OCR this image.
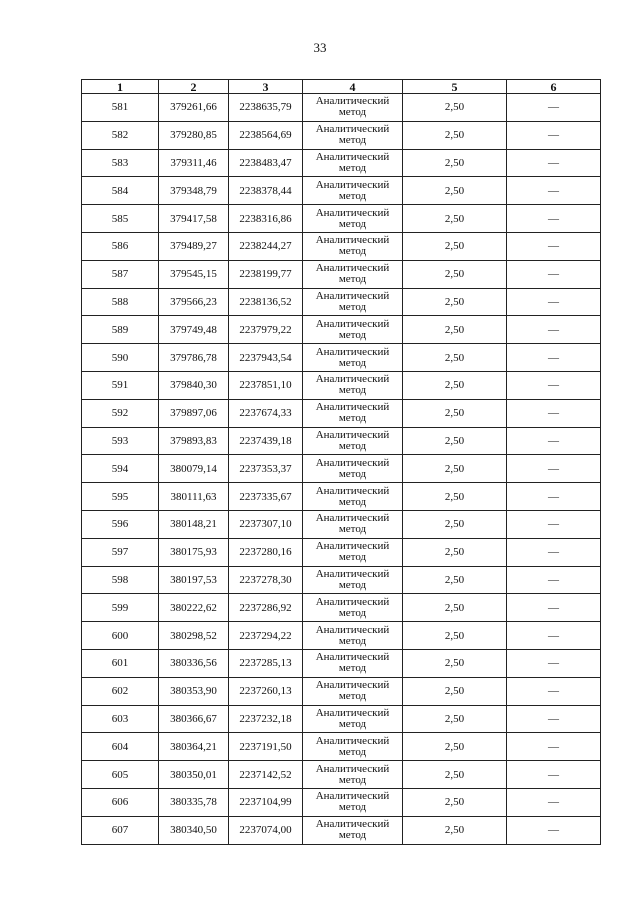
33
1	2	3	4	5	6
581	379261,66	2238635,79	Аналитический метод	2,50	—
582	379280,85	2238564,69	Аналитический метод	2,50	—
583	379311,46	2238483,47	Аналитический метод	2,50	—
584	379348,79	2238378,44	Аналитический метод	2,50	—
585	379417,58	2238316,86	Аналитический метод	2,50	—
586	379489,27	2238244,27	Аналитический метод	2,50	—
587	379545,15	2238199,77	Аналитический метод	2,50	—
588	379566,23	2238136,52	Аналитический метод	2,50	—
589	379749,48	2237979,22	Аналитический метод	2,50	—
590	379786,78	2237943,54	Аналитический метод	2,50	—
591	379840,30	2237851,10	Аналитический метод	2,50	—
592	379897,06	2237674,33	Аналитический метод	2,50	—
593	379893,83	2237439,18	Аналитический метод	2,50	—
594	380079,14	2237353,37	Аналитический метод	2,50	—
595	380111,63	2237335,67	Аналитический метод	2,50	—
596	380148,21	2237307,10	Аналитический метод	2,50	—
597	380175,93	2237280,16	Аналитический метод	2,50	—
598	380197,53	2237278,30	Аналитический метод	2,50	—
599	380222,62	2237286,92	Аналитический метод	2,50	—
600	380298,52	2237294,22	Аналитический метод	2,50	—
601	380336,56	2237285,13	Аналитический метод	2,50	—
602	380353,90	2237260,13	Аналитический метод	2,50	—
603	380366,67	2237232,18	Аналитический метод	2,50	—
604	380364,21	2237191,50	Аналитический метод	2,50	—
605	380350,01	2237142,52	Аналитический метод	2,50	—
606	380335,78	2237104,99	Аналитический метод	2,50	—
607	380340,50	2237074,00	Аналитический метод	2,50	—
